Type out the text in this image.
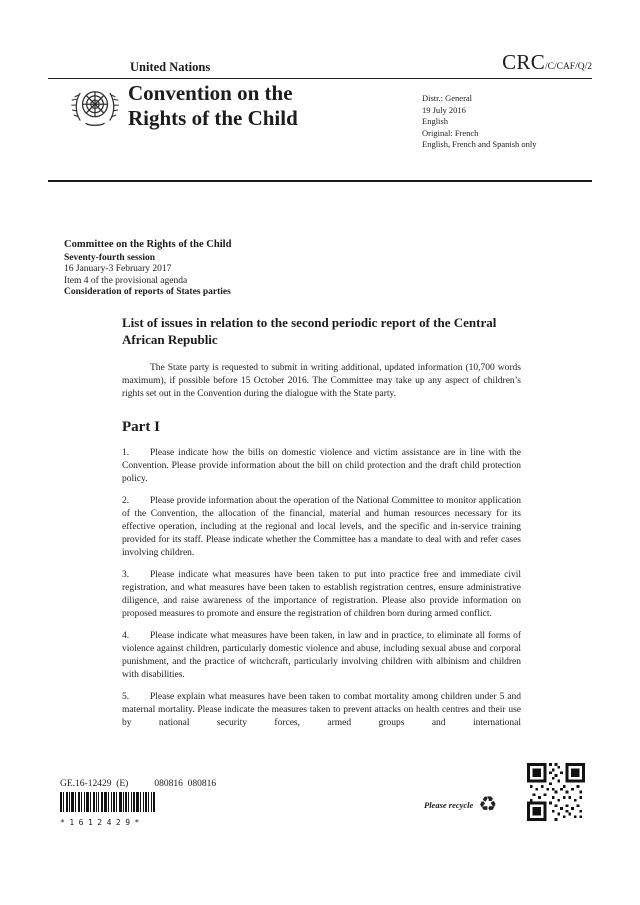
United Nations	CRC/C/CAF/Q/2
Convention on the
Rights of the Child
Distr.: General
19 July 2016
English
Original: French
English, French and Spanish only
Committee on the Rights of the Child
Seventy-fourth session
16 January-3 February 2017
Item 4 of the provisional agenda
Consideration of reports of States parties
List of issues in relation to the second periodic report of the Central African Republic

The State party is requested to submit in writing additional, updated information (10,700 words maximum), if possible before 15 October 2016. The Committee may take up any aspect of children’s rights set out in the Convention during the dialogue with the State party.

Part I

1. Please indicate how the bills on domestic violence and victim assistance are in line with the Convention. Please provide information about the bill on child protection and the draft child protection policy.

2. Please provide information about the operation of the National Committee to monitor application of the Convention, the allocation of the financial, material and human resources necessary for its effective operation, including at the regional and local levels, and the specific and in-service training provided for its staff. Please indicate whether the Committee has a mandate to deal with and refer cases involving children.

3. Please indicate what measures have been taken to put into practice free and immediate civil registration, and what measures have been taken to establish registration centres, ensure administrative diligence, and raise awareness of the importance of registration. Please also provide information on proposed measures to promote and ensure the registration of children born during armed conflict.

4. Please indicate what measures have been taken, in law and in practice, to eliminate all forms of violence against children, particularly domestic violence and abuse, including sexual abuse and corporal punishment, and the practice of witchcraft, particularly involving children with albinism and children with disabilities.

5. Please explain what measures have been taken to combat mortality among children under 5 and maternal mortality. Please indicate the measures taken to prevent attacks on health centres and their use by national security forces, armed groups and international

GE.16-12429  (E)	080816  080816
*1612429*
Please recycle ♻
